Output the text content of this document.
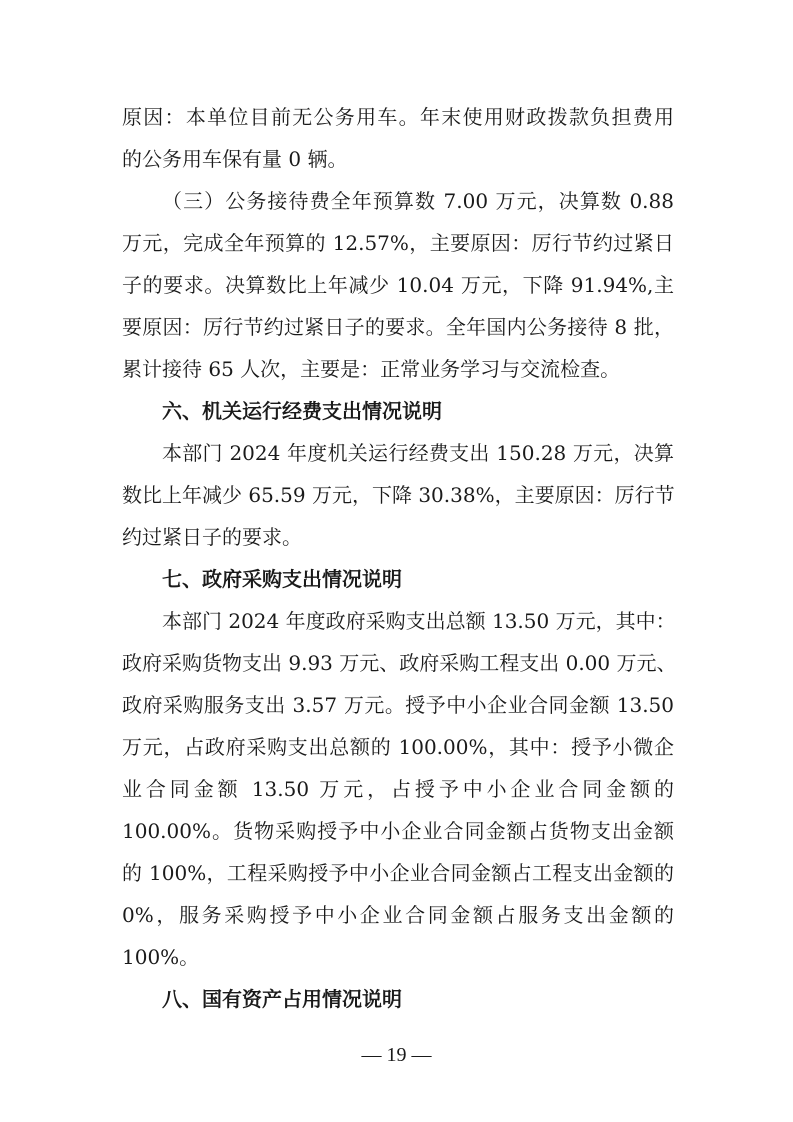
原因：本单位目前无公务用车。年末使用财政拨款负担费用
的公务用车保有量 0 辆。
（三）公务接待费全年预算数 7.00 万元，决算数 0.88
万元，完成全年预算的 12.57%，主要原因：厉行节约过紧日
子的要求。决算数比上年减少 10.04 万元，下降 91.94%,主
要原因：厉行节约过紧日子的要求。全年国内公务接待 8 批，
累计接待 65 人次，主要是：正常业务学习与交流检查。
六、机关运行经费支出情况说明
本部门 2024 年度机关运行经费支出 150.28 万元，决算
数比上年减少 65.59 万元，下降 30.38%，主要原因：厉行节
约过紧日子的要求。
七、政府采购支出情况说明
本部门 2024 年度政府采购支出总额 13.50 万元，其中：
政府采购货物支出 9.93 万元、政府采购工程支出 0.00 万元、
政府采购服务支出 3.57 万元。授予中小企业合同金额 13.50
万元，占政府采购支出总额的 100.00%，其中：授予小微企
业合同金额 13.50 万元，占授予中小企业合同金额的
100.00%。货物采购授予中小企业合同金额占货物支出金额
的 100%，工程采购授予中小企业合同金额占工程支出金额的
0%，服务采购授予中小企业合同金额占服务支出金额的
100%。
八、国有资产占用情况说明
— 19 —
